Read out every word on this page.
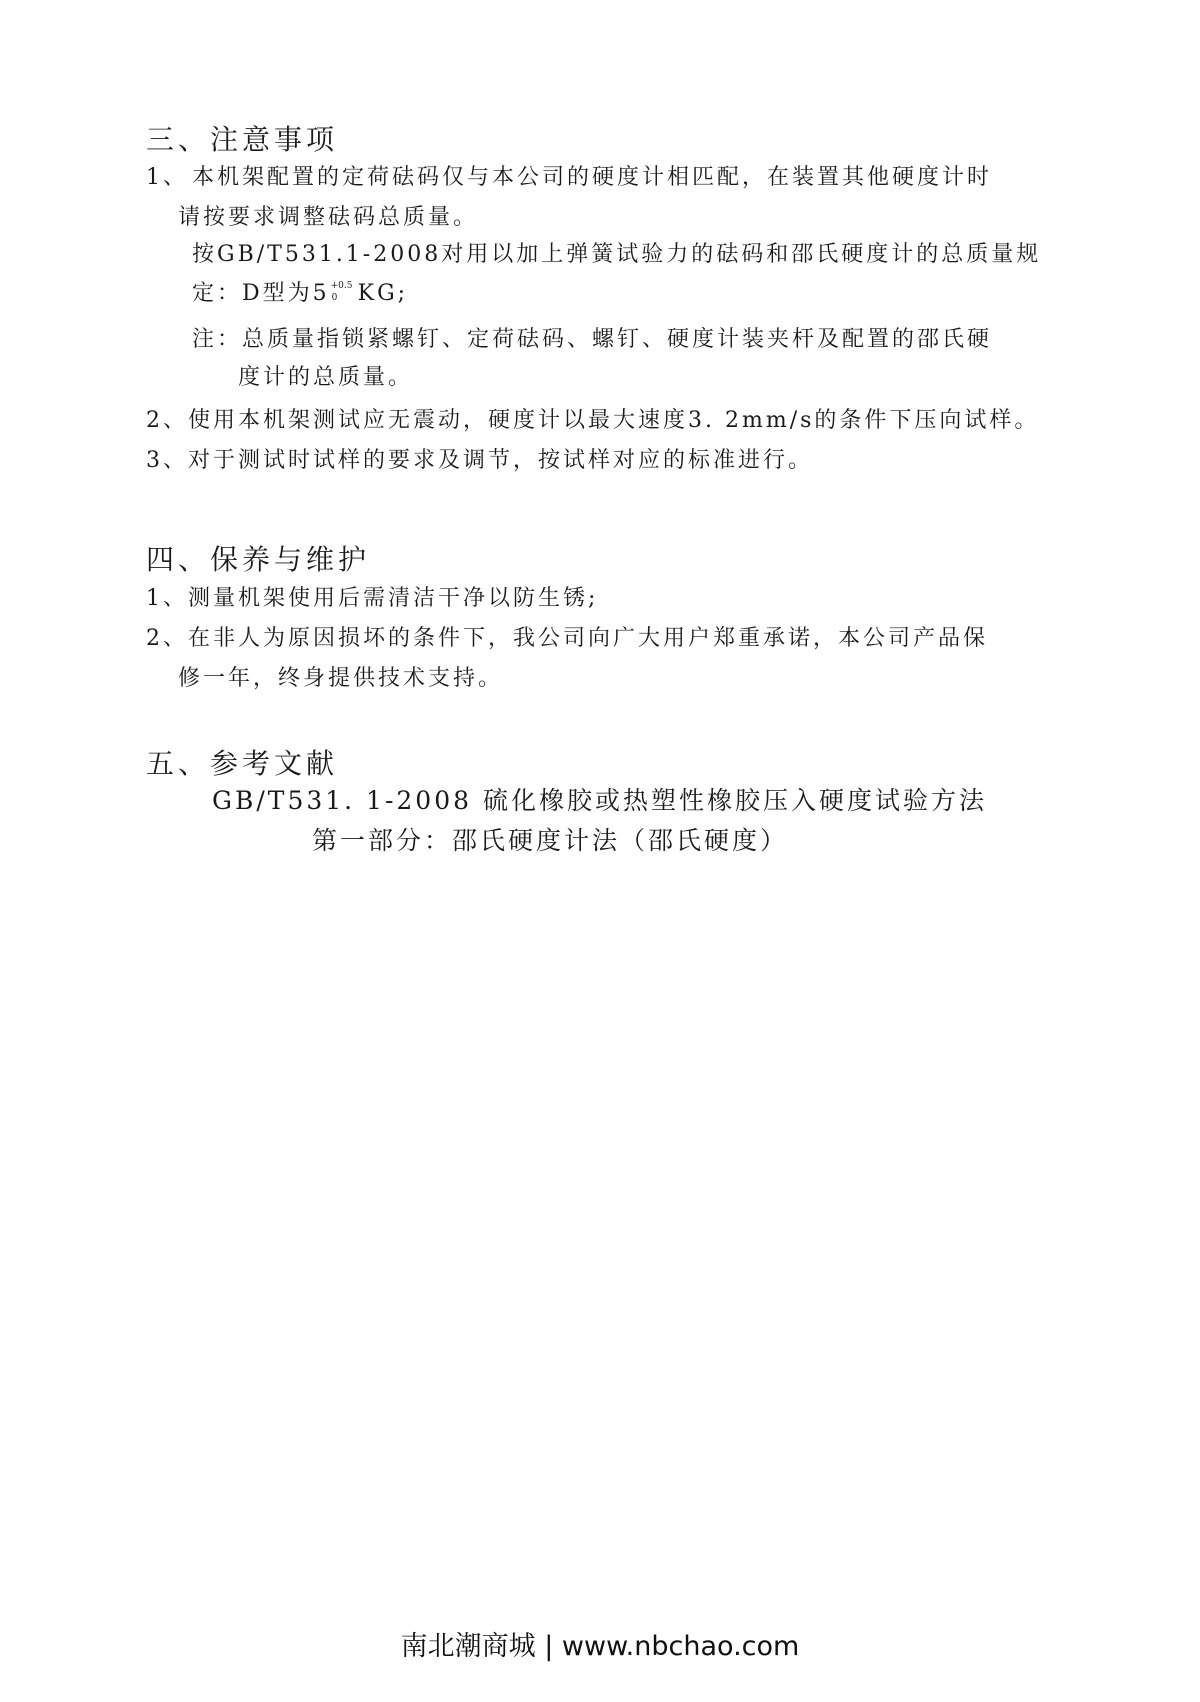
三、注意事项
1、 本机架配置的定荷砝码仅与本公司的硬度计相匹配，在装置其他硬度计时
请按要求调整砝码总质量。
按GB/T531.1-2008对用以加上弹簧试验力的砝码和邵氏硬度计的总质量规
定：D型为5 +0.5
0 KG;
注：总质量指锁紧螺钉、定荷砝码、螺钉、硬度计装夹杆及配置的邵氏硬
度计的总质量。
2、使用本机架测试应无震动，硬度计以最大速度3. 2mm/s的条件下压向试样。
3、对于测试时试样的要求及调节，按试样对应的标准进行。
四、保养与维护
1、测量机架使用后需清洁干净以防生锈;
2、在非人为原因损坏的条件下，我公司向广大用户郑重承诺，本公司产品保
修一年，终身提供技术支持。
五、参考文献
GB/T531. 1-2008 硫化橡胶或热塑性橡胶压入硬度试验方法
第一部分：邵氏硬度计法（邵氏硬度）
南北潮商城 | www.nbchao.com
